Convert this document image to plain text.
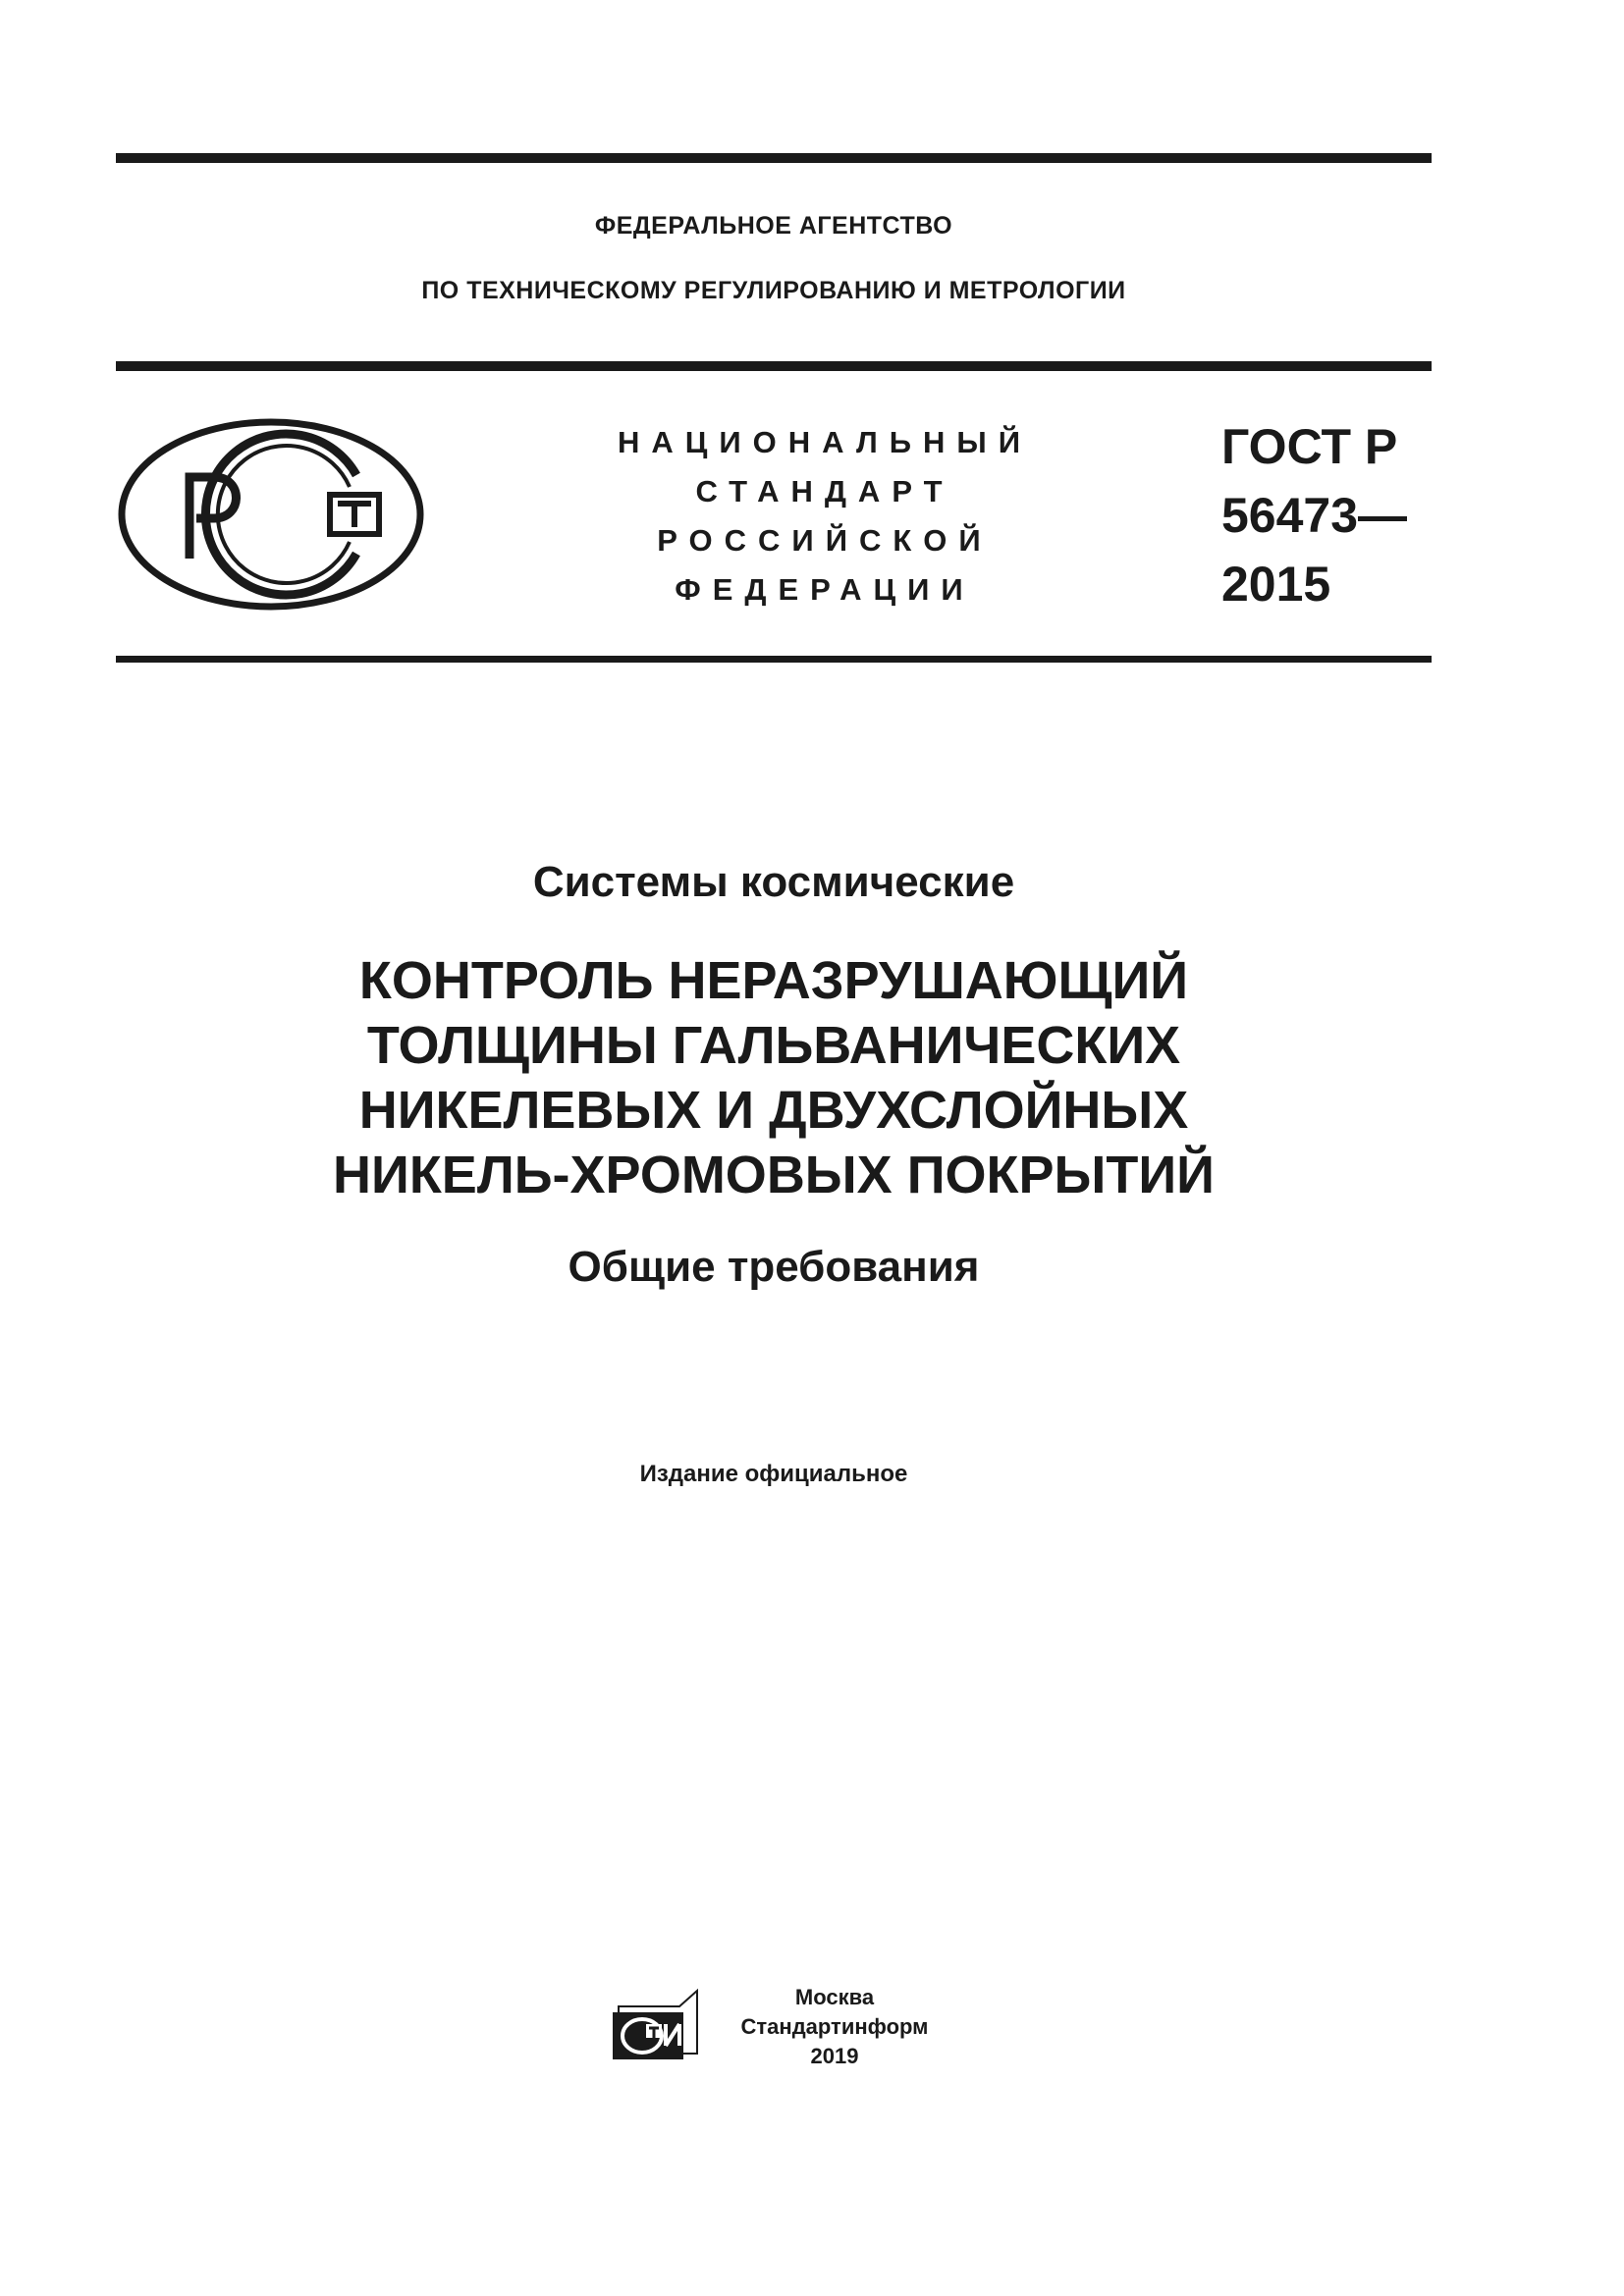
ФЕДЕРАЛЬНОЕ АГЕНТСТВО
ПО ТЕХНИЧЕСКОМУ РЕГУЛИРОВАНИЮ И МЕТРОЛОГИИ
НАЦИОНАЛЬНЫЙ
СТАНДАРТ
РОССИЙСКОЙ
ФЕДЕРАЦИИ
ГОСТ Р
56473—
2015
Системы космические
КОНТРОЛЬ НЕРАЗРУШАЮЩИЙ
ТОЛЩИНЫ ГАЛЬВАНИЧЕСКИХ
НИКЕЛЕВЫХ И ДВУХСЛОЙНЫХ
НИКЕЛЬ-ХРОМОВЫХ ПОКРЫТИЙ
Общие требования
Издание официальное
Москва
Стандартинформ
2019
